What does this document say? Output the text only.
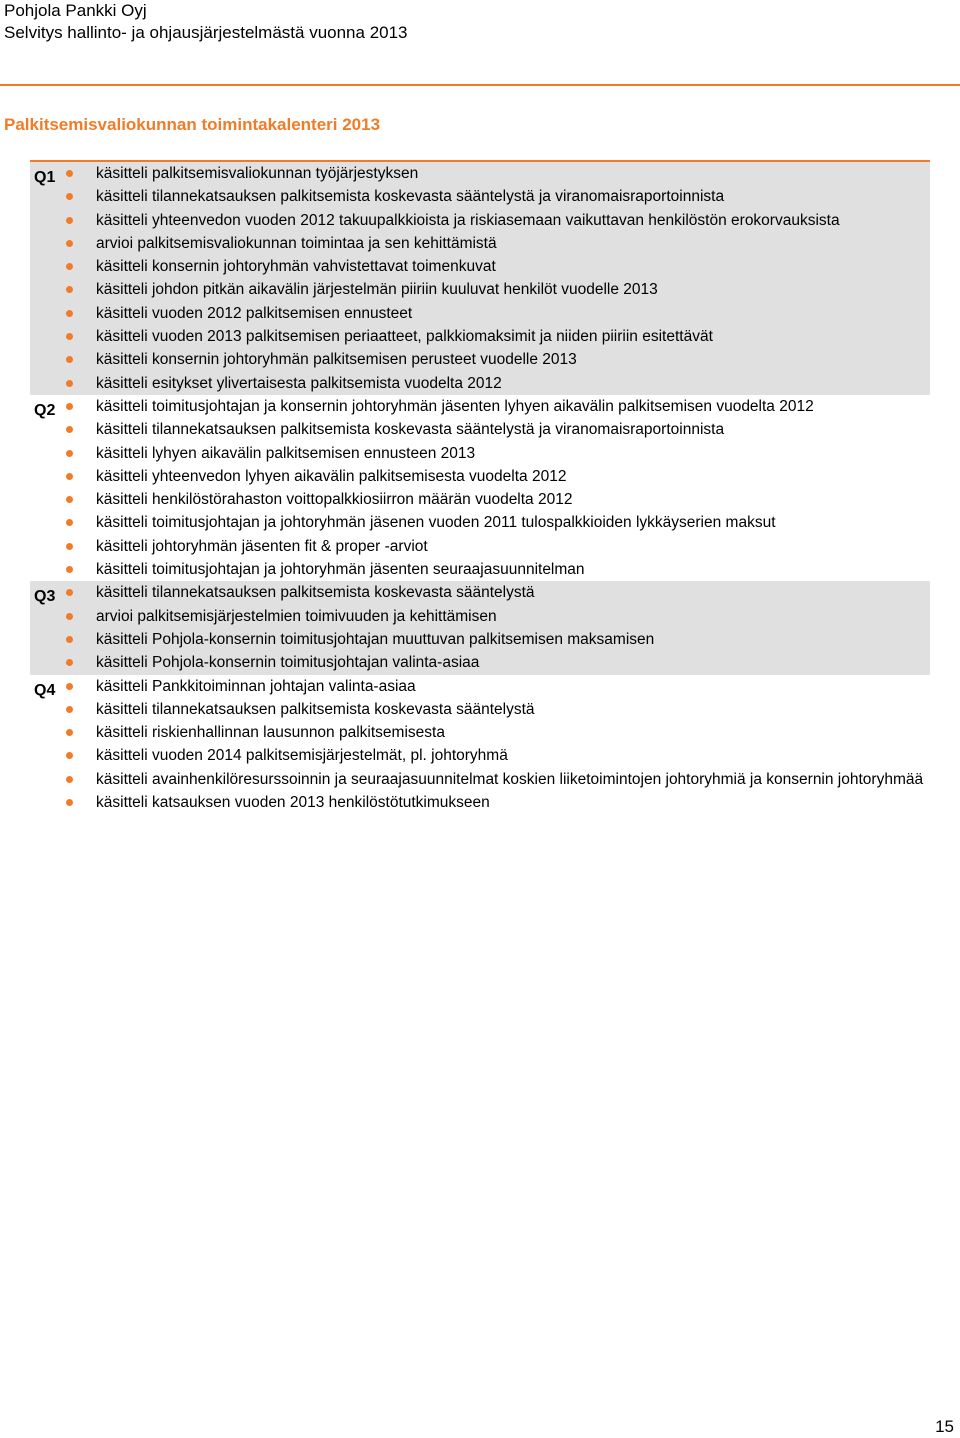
Pohjola Pankki Oyj
Selvitys hallinto- ja ohjausjärjestelmästä vuonna 2013
Palkitsemisvaliokunnan toimintakalenteri 2013
Q1	käsitteli palkitsemisvaliokunnan työjärjestyksen
käsitteli tilannekatsauksen palkitsemista koskevasta sääntelystä ja viranomaisraportoinnista
käsitteli yhteenvedon vuoden 2012 takuupalkkioista ja riskiasemaan vaikuttavan henkilöstön erokorvauksista
arvioi palkitsemisvaliokunnan toimintaa ja sen kehittämistä
käsitteli konsernin johtoryhmän vahvistettavat toimenkuvat
käsitteli johdon pitkän aikavälin järjestelmän piiriin kuuluvat henkilöt vuodelle 2013
käsitteli vuoden 2012 palkitsemisen ennusteet
käsitteli vuoden 2013 palkitsemisen periaatteet, palkkiomaksimit ja niiden piiriin esitettävät
käsitteli konsernin johtoryhmän palkitsemisen perusteet vuodelle 2013
käsitteli esitykset ylivertaisesta palkitsemista vuodelta 2012
Q2	käsitteli toimitusjohtajan ja konsernin johtoryhmän jäsenten lyhyen aikavälin palkitsemisen vuodelta 2012
käsitteli tilannekatsauksen palkitsemista koskevasta sääntelystä ja viranomaisraportoinnista
käsitteli lyhyen aikavälin palkitsemisen ennusteen 2013
käsitteli yhteenvedon lyhyen aikavälin palkitsemisesta vuodelta 2012
käsitteli henkilöstörahaston voittopalkkiosiirron määrän vuodelta 2012
käsitteli toimitusjohtajan ja johtoryhmän jäsenen vuoden 2011 tulospalkkioiden lykkäyserien maksut
käsitteli johtoryhmän jäsenten fit & proper -arviot
käsitteli toimitusjohtajan ja johtoryhmän jäsenten seuraajasuunnitelman
Q3	käsitteli tilannekatsauksen palkitsemista koskevasta sääntelystä
arvioi palkitsemisjärjestelmien toimivuuden ja kehittämisen
käsitteli Pohjola-konsernin toimitusjohtajan muuttuvan palkitsemisen maksamisen
käsitteli Pohjola-konsernin toimitusjohtajan valinta-asiaa
Q4	käsitteli Pankkitoiminnan johtajan valinta-asiaa
käsitteli tilannekatsauksen palkitsemista koskevasta sääntelystä
käsitteli riskienhallinnan lausunnon palkitsemisesta
käsitteli vuoden 2014 palkitsemisjärjestelmät, pl. johtoryhmä
käsitteli avainhenkilöresurssoinnin ja seuraajasuunnitelmat koskien liiketoimintojen johtoryhmiä ja konsernin johtoryhmää
käsitteli katsauksen vuoden 2013 henkilöstötutkimukseen
15
